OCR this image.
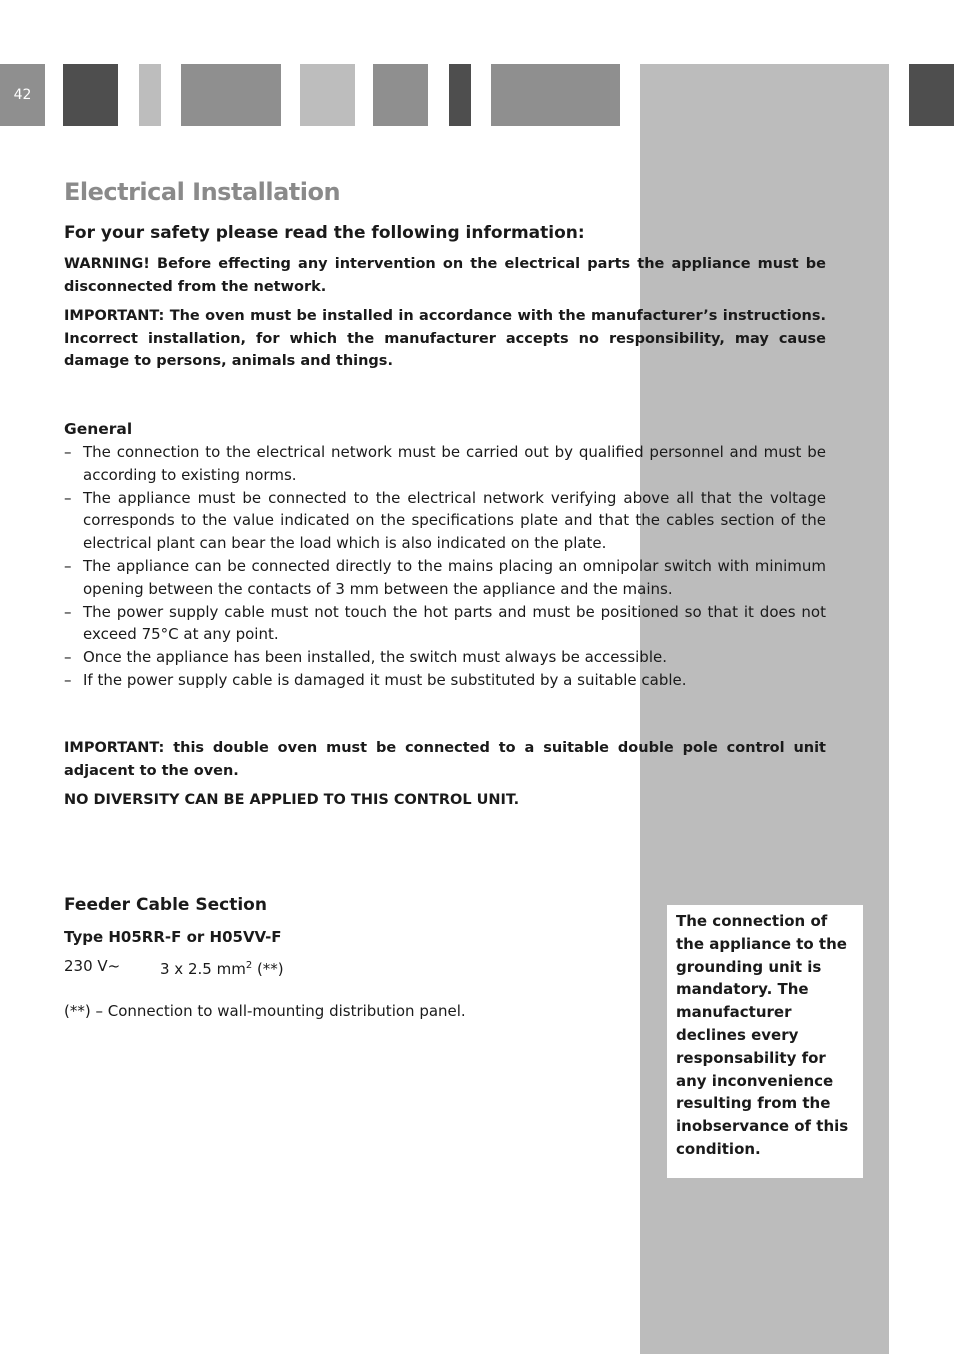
42
Electrical Installation
For your safety please read the following information:

WARNING! Before effecting any intervention on the electrical parts the appliance must be disconnected from the network.

IMPORTANT: The oven must be installed in accordance with the manufacturer’s instructions. Incorrect installation, for which the manufacturer accepts no responsibility, may cause damage to persons, animals and things.

General
– The connection to the electrical network must be carried out by qualified personnel and must be according to existing norms.
– The appliance must be connected to the electrical network verifying above all that the voltage corresponds to the value indicated on the specifications plate and that the cables section of the electrical plant can bear the load which is also indicated on the plate.
– The appliance can be connected directly to the mains placing an omnipolar switch with minimum opening between the contacts of 3 mm between the appliance and the mains.
– The power supply cable must not touch the hot parts and must be positioned so that it does not exceed 75°C at any point.
– Once the appliance has been installed, the switch must always be accessible.
– If the power supply cable is damaged it must be substituted by a suitable cable.

IMPORTANT: this double oven must be connected to a suitable double pole control unit adjacent to the oven.

NO DIVERSITY CAN BE APPLIED TO THIS CONTROL UNIT.

Feeder Cable Section
Type H05RR-F or H05VV-F
230 V~	3 x 2.5 $mm^2$ (**)
(**) – Connection to wall-mounting distribution panel.

The connection of the appliance to the grounding unit is mandatory. The manufacturer declines every responsability for any inconvenience resulting from the inobservance of this condition.
